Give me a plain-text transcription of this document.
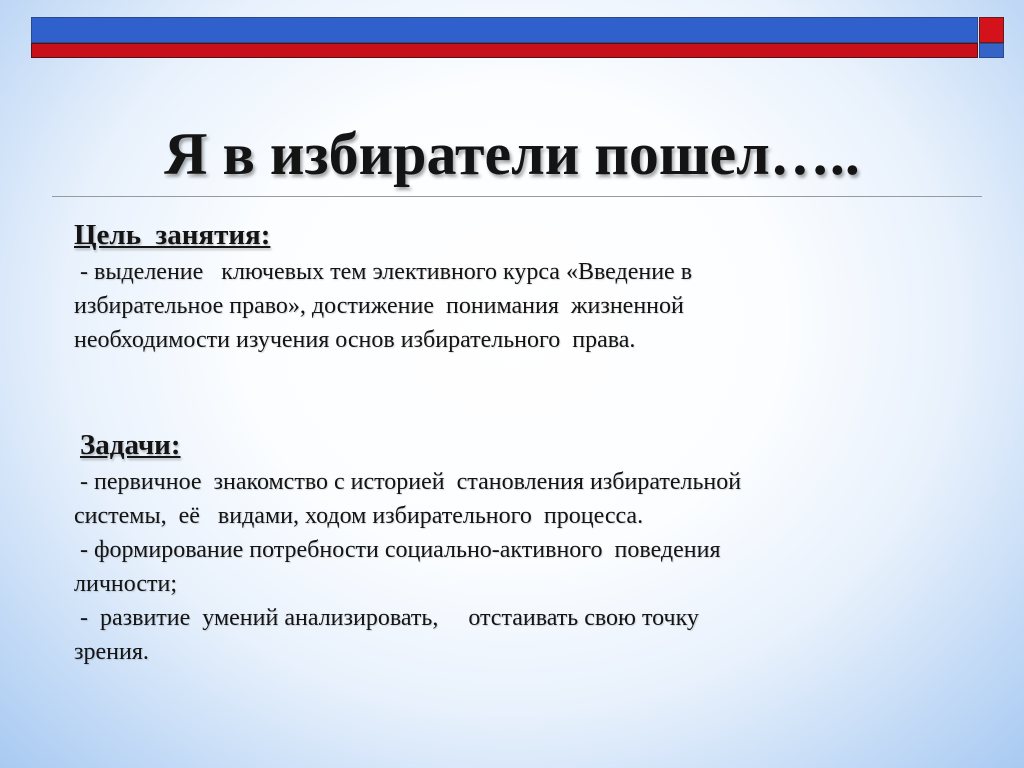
Я в избиратели пошел…..
Цель  занятия:
- выделение   ключевых тем элективного курса «Введение в
избирательное право», достижение  понимания  жизненной
необходимости изучения основ избирательного  права.
Задачи:
- первичное  знакомство с историей  становления избирательной
системы,  её   видами, ходом избирательного  процесса.
- формирование потребности социально-активного  поведения
личности;
-  развитие  умений анализировать,     отстаивать свою точку
зрения.
